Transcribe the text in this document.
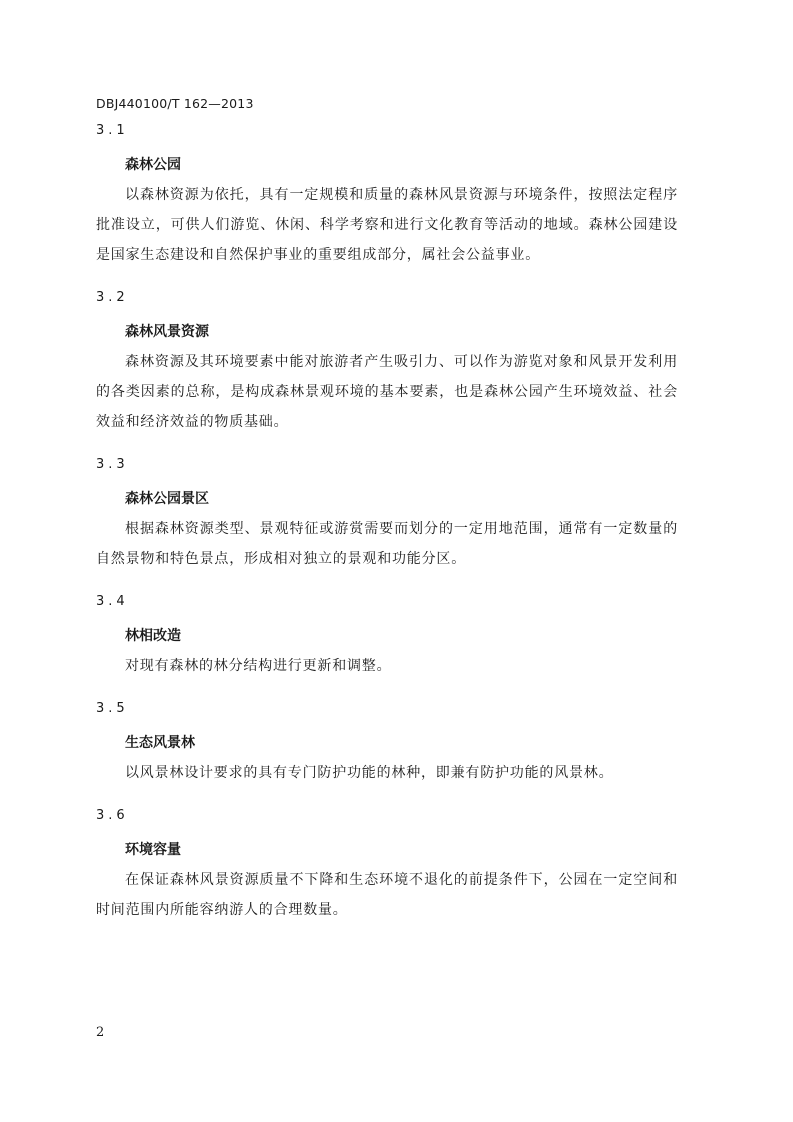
DBJ440100/T 162—2013
3.1
森林公园

以森林资源为依托，具有一定规模和质量的森林风景资源与环境条件，按照法定程序批准设立，可供人们游览、休闲、科学考察和进行文化教育等活动的地域。森林公园建设是国家生态建设和自然保护事业的重要组成部分，属社会公益事业。

3.2
森林风景资源

森林资源及其环境要素中能对旅游者产生吸引力、可以作为游览对象和风景开发利用的各类因素的总称，是构成森林景观环境的基本要素，也是森林公园产生环境效益、社会效益和经济效益的物质基础。

3.3
森林公园景区

根据森林资源类型、景观特征或游赏需要而划分的一定用地范围，通常有一定数量的自然景物和特色景点，形成相对独立的景观和功能分区。

3.4
林相改造

对现有森林的林分结构进行更新和调整。

3.5
生态风景林

以风景林设计要求的具有专门防护功能的林种，即兼有防护功能的风景林。

3.6
环境容量

在保证森林风景资源质量不下降和生态环境不退化的前提条件下，公园在一定空间和时间范围内所能容纳游人的合理数量。

2
